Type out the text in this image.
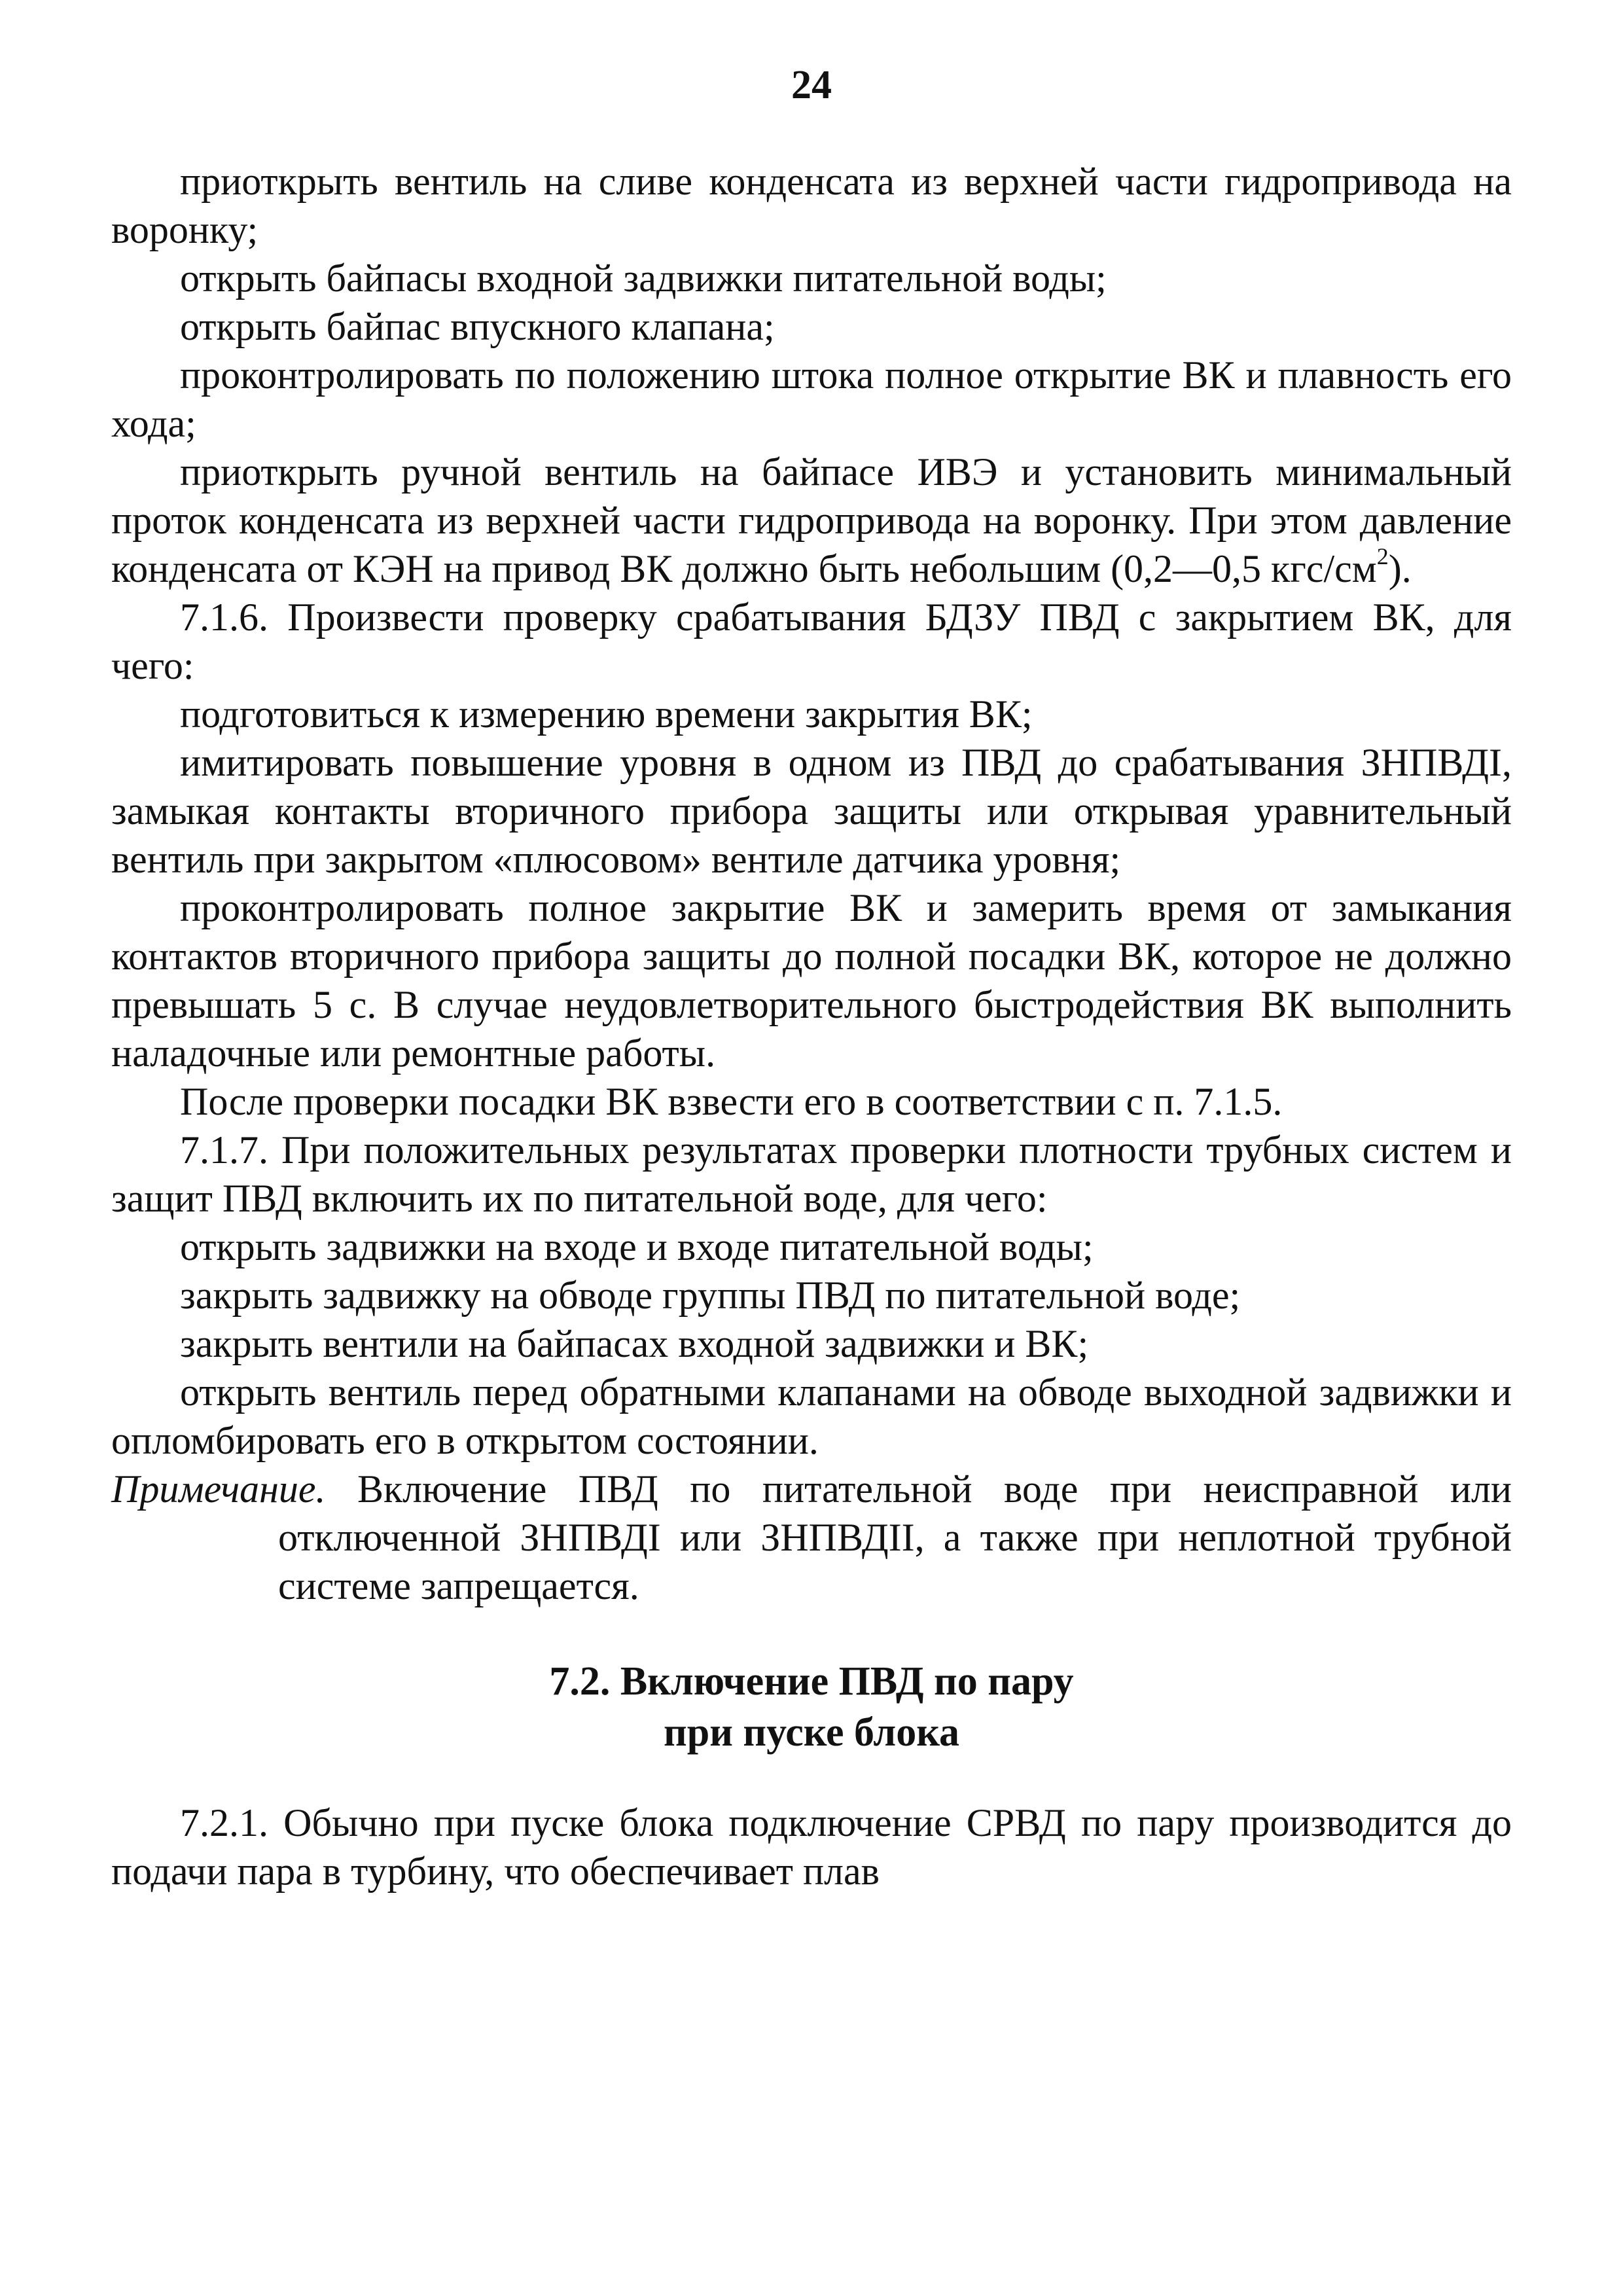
24

приоткрыть вентиль на сливе конденсата из верхней части гидропривода на воронку;

открыть байпасы входной задвижки питательной воды;

открыть байпас впускного клапана;

проконтролировать по положению штока полное открытие ВК и плавность его хода;

приоткрыть ручной вентиль на байпасе ИВЭ и установить минимальный проток конденсата из верхней части гидропривода на воронку. При этом давление конденсата от КЭН на привод ВК должно быть небольшим (0,2—0,5 кгс/$см^2$).

7.1.6. Произвести проверку срабатывания БДЗУ ПВД с закрытием ВК, для чего:

подготовиться к измерению времени закрытия ВК;

имитировать повышение уровня в одном из ПВД до срабатывания ЗНПВДI, замыкая контакты вторичного прибора защиты или открывая уравнительный вентиль при закрытом «плюсовом» вентиле датчика уровня;

проконтролировать полное закрытие ВК и замерить время от замыкания контактов вторичного прибора защиты до полной посадки ВК, которое не должно превышать 5 с. В случае неудовлетворительного быстродействия ВК выполнить наладочные или ремонтные работы.

После проверки посадки ВК взвести его в соответствии с п. 7.1.5.

7.1.7. При положительных результатах проверки плотности трубных систем и защит ПВД включить их по питательной воде, для чего:

открыть задвижки на входе и входе питательной воды;

закрыть задвижку на обводе группы ПВД по питательной воде;

закрыть вентили на байпасах входной задвижки и ВК;

открыть вентиль перед обратными клапанами на обводе выходной задвижки и опломбировать его в открытом состоянии.

Примечание. Включение ПВД по питательной воде при неисправной или отключенной ЗНПВДI или ЗНПВДII, а также при неплотной трубной системе запрещается.

7.2. Включение ПВД по пару
при пуске блока

7.2.1. Обычно при пуске блока подключение СРВД по пару производится до подачи пара в турбину, что обеспечивает плав
